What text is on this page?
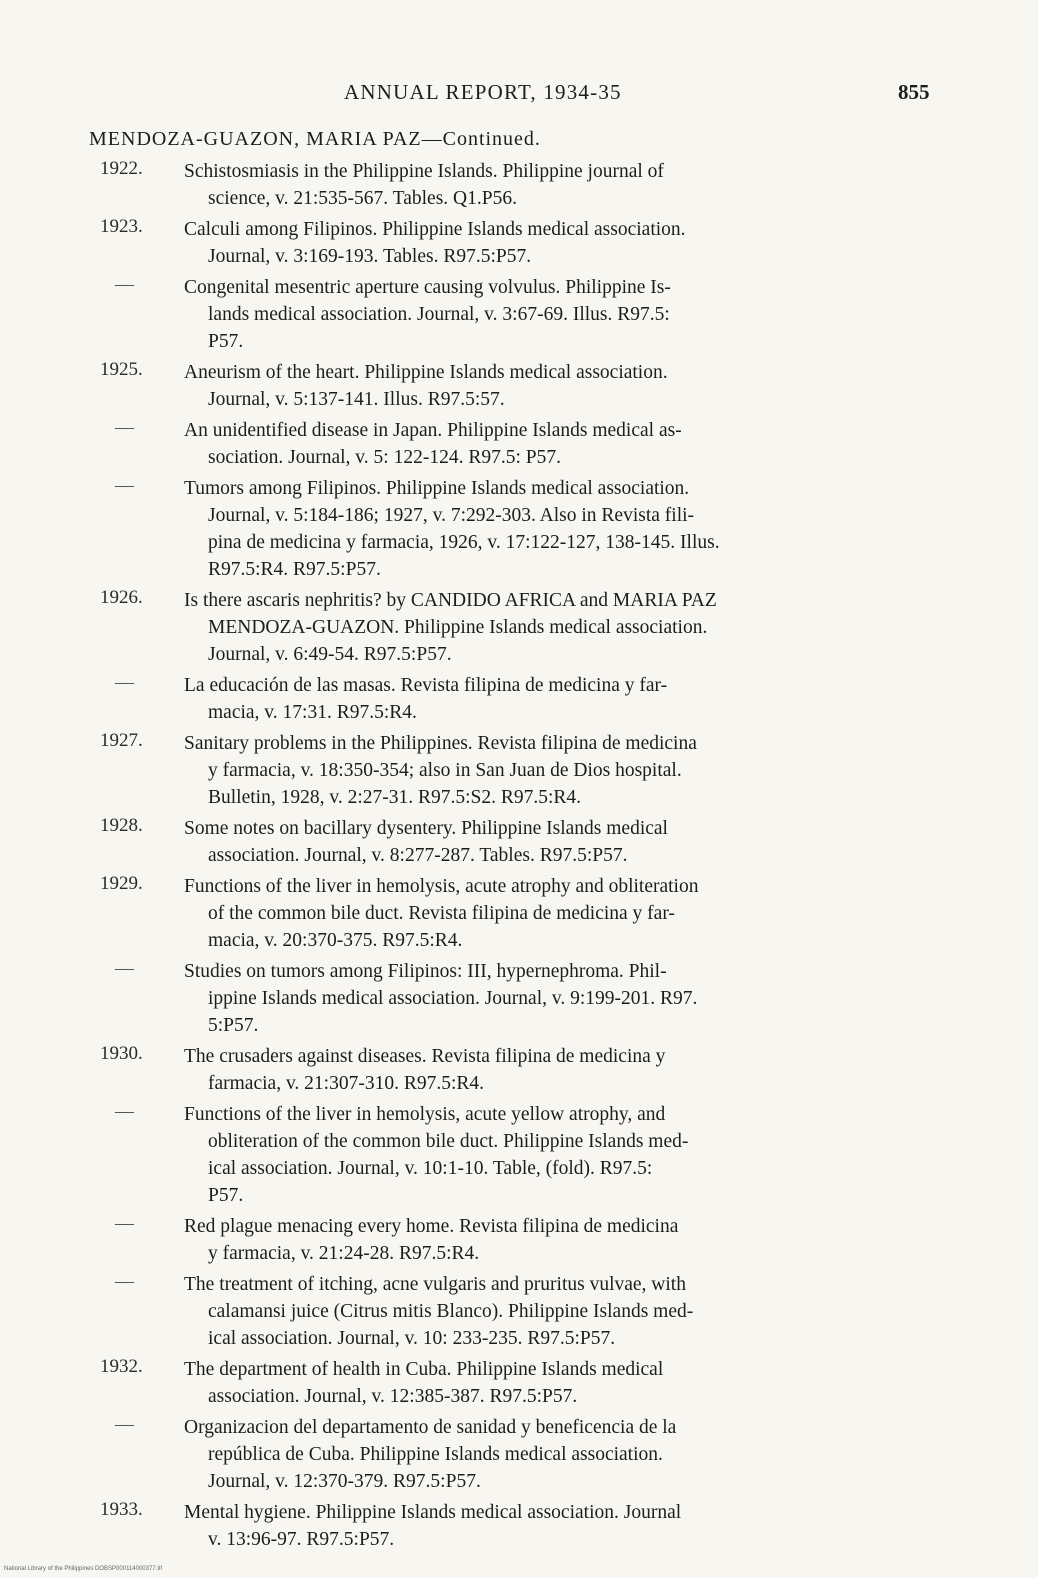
ANNUAL REPORT, 1934-35	855
MENDOZA-GUAZON, MARIA PAZ—Continued.
1922.	Schistosmiasis in the Philippine Islands. Philippine journal of
science, v. 21:535-567. Tables. Q1.P56.
1923.	Calculi among Filipinos. Philippine Islands medical association.
Journal, v. 3:169-193. Tables. R97.5:P57.
—	Congenital mesentric aperture causing volvulus. Philippine Is-
lands medical association. Journal, v. 3:67-69. Illus. R97.5:
P57.
1925.	Aneurism of the heart. Philippine Islands medical association.
Journal, v. 5:137-141. Illus. R97.5:57.
—	An unidentified disease in Japan. Philippine Islands medical as-
sociation. Journal, v. 5: 122-124. R97.5: P57.
—	Tumors among Filipinos. Philippine Islands medical association.
Journal, v. 5:184-186; 1927, v. 7:292-303. Also in Revista fili-
pina de medicina y farmacia, 1926, v. 17:122-127, 138-145. Illus.
R97.5:R4. R97.5:P57.
1926.	Is there ascaris nephritis? by CANDIDO AFRICA and MARIA PAZ
MENDOZA-GUAZON. Philippine Islands medical association.
Journal, v. 6:49-54. R97.5:P57.
—	La educación de las masas. Revista filipina de medicina y far-
macia, v. 17:31. R97.5:R4.
1927.	Sanitary problems in the Philippines. Revista filipina de medicina
y farmacia, v. 18:350-354; also in San Juan de Dios hospital.
Bulletin, 1928, v. 2:27-31. R97.5:S2. R97.5:R4.
1928.	Some notes on bacillary dysentery. Philippine Islands medical
association. Journal, v. 8:277-287. Tables. R97.5:P57.
1929.	Functions of the liver in hemolysis, acute atrophy and obliteration
of the common bile duct. Revista filipina de medicina y far-
macia, v. 20:370-375. R97.5:R4.
—	Studies on tumors among Filipinos: III, hypernephroma. Phil-
ippine Islands medical association. Journal, v. 9:199-201. R97.
5:P57.
1930.	The crusaders against diseases. Revista filipina de medicina y
farmacia, v. 21:307-310. R97.5:R4.
—	Functions of the liver in hemolysis, acute yellow atrophy, and
obliteration of the common bile duct. Philippine Islands med-
ical association. Journal, v. 10:1-10. Table, (fold). R97.5:
P57.
—	Red plague menacing every home. Revista filipina de medicina
y farmacia, v. 21:24-28. R97.5:R4.
—	The treatment of itching, acne vulgaris and pruritus vulvae, with
calamansi juice (Citrus mitis Blanco). Philippine Islands med-
ical association. Journal, v. 10: 233-235. R97.5:P57.
1932.	The department of health in Cuba. Philippine Islands medical
association. Journal, v. 12:385-387. R97.5:P57.
—	Organizacion del departamento de sanidad y beneficencia de la
república de Cuba. Philippine Islands medical association.
Journal, v. 12:370-379. R97.5:P57.
1933.	Mental hygiene. Philippine Islands medical association. Journal
v. 13:96-97. R97.5:P57.
National Library of the Philippines DOBSP000114000377.tif
